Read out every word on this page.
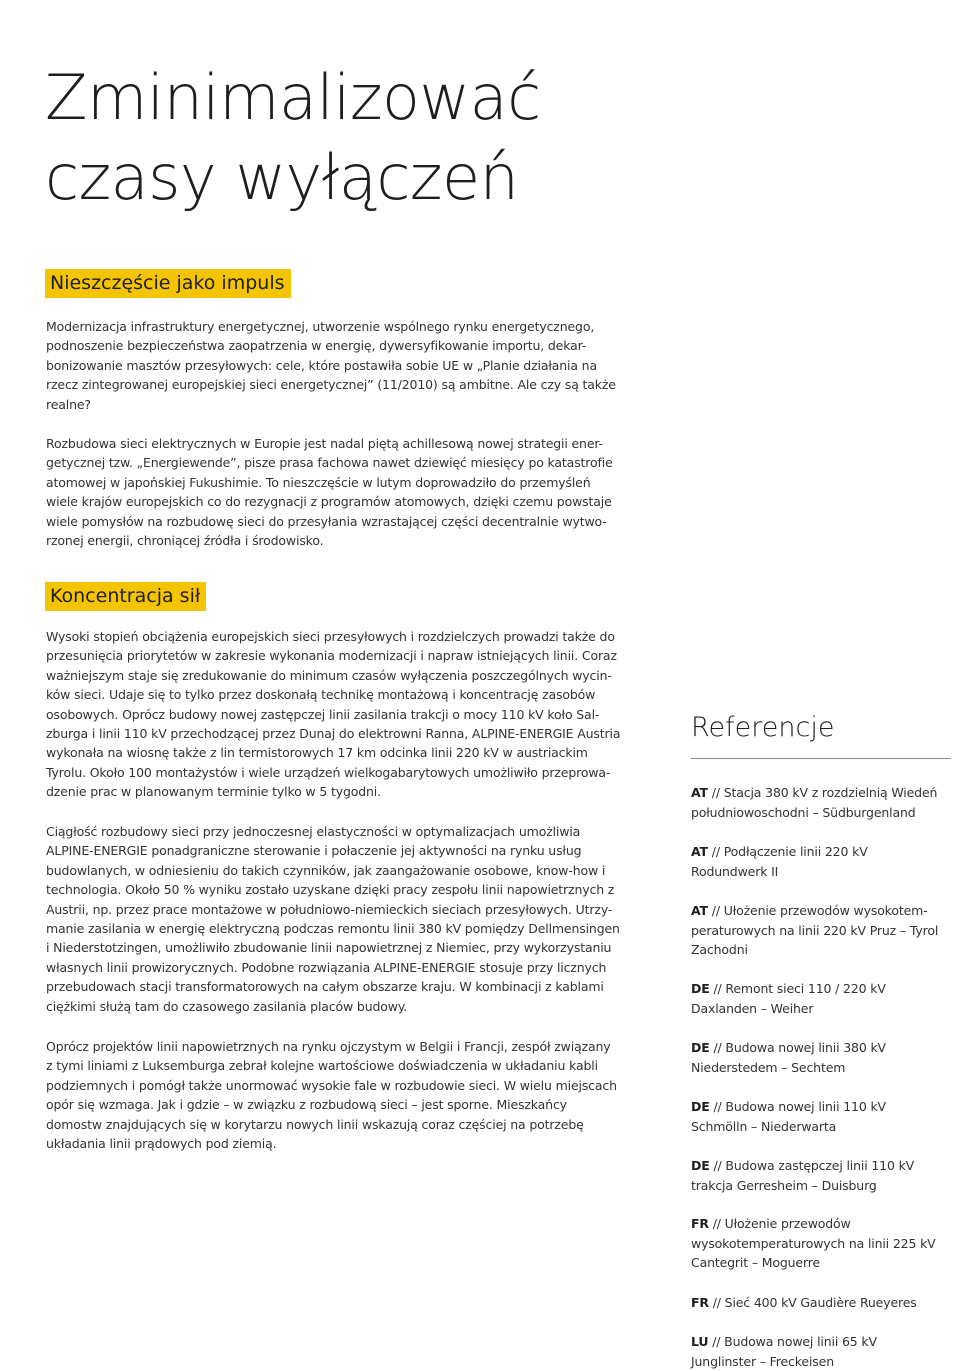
Zminimalizować
czasy wyłączeń
Nieszczęście jako impuls

Modernizacja infrastruktury energetycznej, utworzenie wspólnego rynku energetycznego,
podnoszenie bezpieczeństwa zaopatrzenia w energię, dywersyfikowanie importu, dekar-
bonizowanie masztów przesyłowych: cele, które postawiła sobie UE w „Planie działania na
rzecz zintegrowanej europejskiej sieci energetycznej” (11/2010) są ambitne. Ale czy są także
realne?

Rozbudowa sieci elektrycznych w Europie jest nadal piętą achillesową nowej strategii ener-
getycznej tzw. „Energiewende”, pisze prasa fachowa nawet dziewięć miesięcy po katastrofie
atomowej w japońskiej Fukushimie. To nieszczęście w lutym doprowadziło do przemyśleń
wiele krajów europejskich co do rezygnacji z programów atomowych, dzięki czemu powstaje
wiele pomysłów na rozbudowę sieci do przesyłania wzrastającej części decentralnie wytwo-
rzonej energii, chroniącej źródła i środowisko.

Koncentracja sił

Wysoki stopień obciążenia europejskich sieci przesyłowych i rozdzielczych prowadzi także do
przesunięcia priorytetów w zakresie wykonania modernizacji i napraw istniejących linii. Coraz
ważniejszym staje się zredukowanie do minimum czasów wyłączenia poszczególnych wycin-
ków sieci. Udaje się to tylko przez doskonałą technikę montażową i koncentrację zasobów
osobowych. Oprócz budowy nowej zastępczej linii zasilania trakcji o mocy 110 kV koło Sal-
zburga i linii 110 kV przechodzącej przez Dunaj do elektrowni Ranna, ALPINE-ENERGIE Austria
wykonała na wiosnę także z lin termistorowych 17 km odcinka linii 220 kV w austriackim
Tyrolu. Około 100 montażystów i wiele urządzeń wielkogabarytowych umożliwiło przeprowa-
dzenie prac w planowanym terminie tylko w 5 tygodni.

Ciągłość rozbudowy sieci przy jednoczesnej elastyczności w optymalizacjach umożliwia
ALPINE-ENERGIE ponadgraniczne sterowanie i połaczenie jej aktywności na rynku usług
budowlanych, w odniesieniu do takich czynników, jak zaangażowanie osobowe, know-how i
technologia. Około 50 % wyniku zostało uzyskane dzięki pracy zespołu linii napowietrznych z
Austrii, np. przez prace montażowe w południowo-niemieckich sieciach przesyłowych. Utrzy-
manie zasilania w energię elektryczną podczas remontu linii 380 kV pomiędzy Dellmensingen
i Niederstotzingen, umożliwiło zbudowanie linii napowietrznej z Niemiec, przy wykorzystaniu
własnych linii prowizorycznych. Podobne rozwiązania ALPINE-ENERGIE stosuje przy licznych
przebudowach stacji transformatorowych na całym obszarze kraju. W kombinacji z kablami
ciężkimi służą tam do czasowego zasilania placów budowy.

Oprócz projektów linii napowietrznych na rynku ojczystym w Belgii i Francji, zespół związany
z tymi liniami z Luksemburga zebrał kolejne wartościowe doświadczenia w układaniu kabli
podziemnych i pomógł także unormować wysokie fale w rozbudowie sieci. W wielu miejscach
opór się wzmaga. Jak i gdzie – w związku z rozbudową sieci – jest sporne. Mieszkańcy
domostw znajdujących się w korytarzu nowych linii wskazują coraz częściej na potrzebę
układania linii prądowych pod ziemią.

Referencje
AT // Stacja 380 kV z rozdzielnią Wiedeń
południowoschodni – Südburgenland
AT // Podłączenie linii 220 kV
Rodundwerk II
AT // Ułożenie przewodów wysokotem-
peraturowych na linii 220 kV Pruz – Tyrol
Zachodni
DE // Remont sieci 110 / 220 kV
Daxlanden – Weiher
DE // Budowa nowej linii 380 kV
Niederstedem – Sechtem
DE // Budowa nowej linii 110 kV
Schmölln – Niederwarta
DE // Budowa zastępczej linii 110 kV
trakcja Gerresheim – Duisburg
FR // Ułożenie przewodów
wysokotemperaturowych na linii 225 kV
Cantegrit – Moguerre
FR // Sieć 400 kV Gaudière Rueyeres
LU // Budowa nowej linii 65 kV
Junglinster – Freckeisen
